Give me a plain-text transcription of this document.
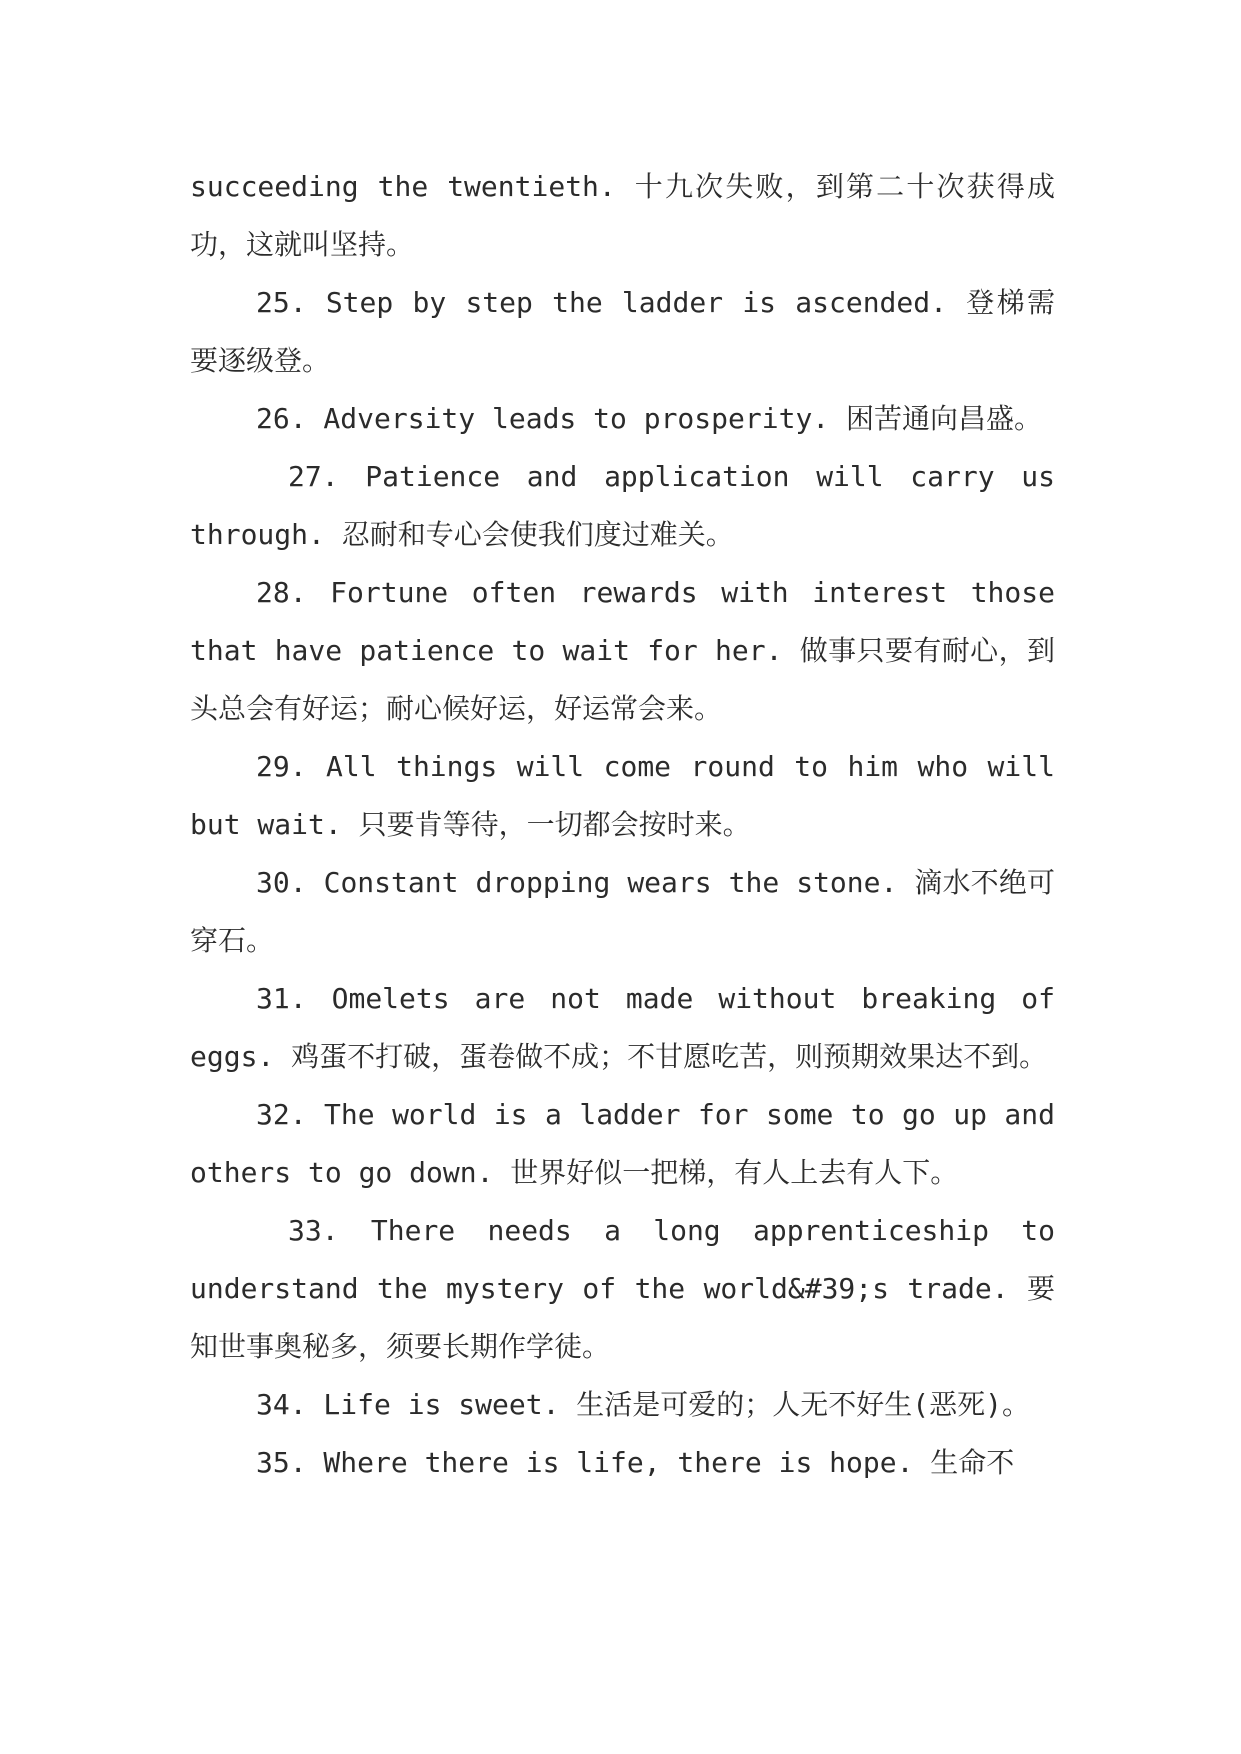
succeeding the twentieth. 十九次失败，到第二十次获得成功，这就叫坚持。

25. Step by step the ladder is ascended. 登梯需要逐级登。

26. Adversity leads to prosperity. 困苦通向昌盛。

27. Patience and application will carry us through. 忍耐和专心会使我们度过难关。

28. Fortune often rewards with interest those that have patience to wait for her. 做事只要有耐心，到头总会有好运；耐心候好运，好运常会来。

29. All things will come round to him who will but wait. 只要肯等待，一切都会按时来。

30. Constant dropping wears the stone. 滴水不绝可穿石。

31. Omelets are not made without breaking of eggs. 鸡蛋不打破，蛋卷做不成；不甘愿吃苦，则预期效果达不到。

32. The world is a ladder for some to go up and others to go down. 世界好似一把梯，有人上去有人下。

33. There needs a long apprenticeship to understand the mystery of the world&#39;s trade. 要知世事奥秘多，须要长期作学徒。

34. Life is sweet. 生活是可爱的；人无不好生(恶死)。

35. Where there is life, there is hope. 生命不
